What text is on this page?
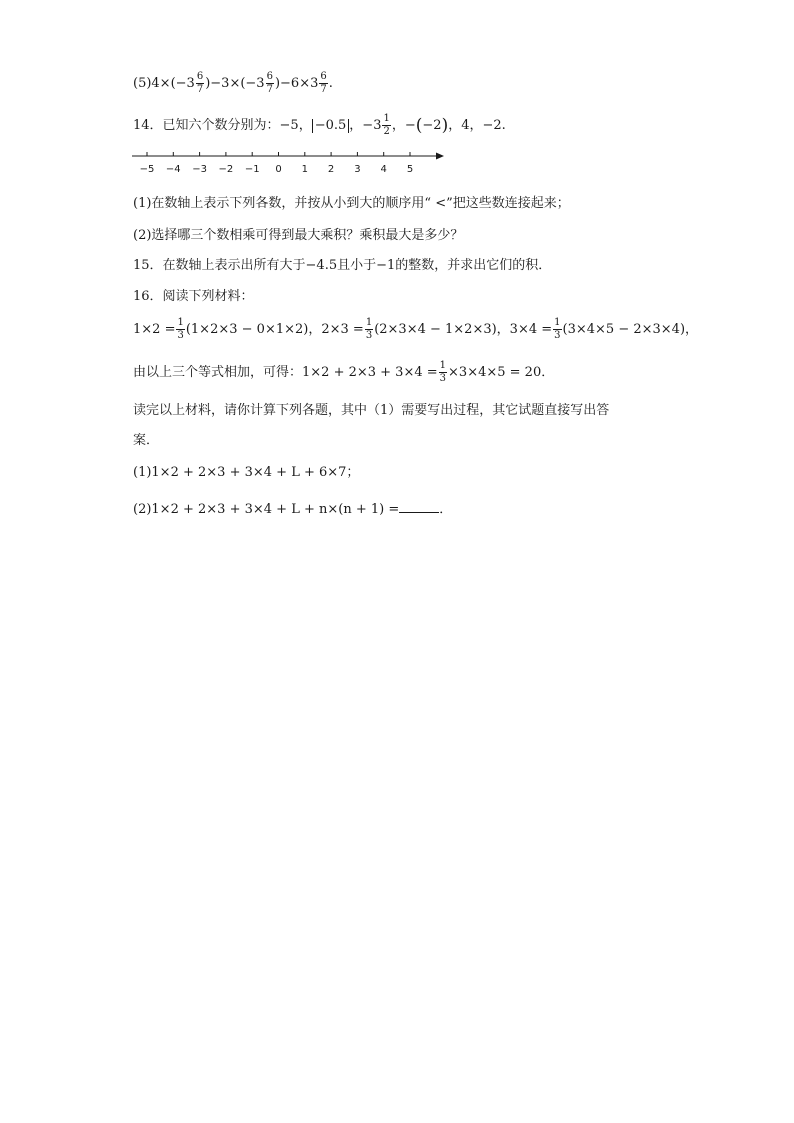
$(5)4\times(-3 \frac{6}{7} )-3\times(-3 \frac{6}{7} )-6\times 3 \frac{6}{7}$ .
14．已知六个数分别为：−5， −0.5 ，$-3 \frac{1}{2}$ ，−(−2)，4，−2.
−5 −4 −3 −2 −1 0 1 2 3 4 5
(1)在数轴上表示下列各数，并按从小到大的顺序用“ <”把这些数连接起来；
(2)选择哪三个数相乘可得到最大乘积？乘积最大是多少？
15．在数轴上表示出所有大于−4.5且小于−1的整数，并求出它们的积．
16．阅读下列材料：
$1\times 2 = \frac{1}{3} (1\times 2\times 3 - 0\times 1\times 2)$，$2\times 3 = \frac{1}{3} (2\times 3\times 4 - 1\times 2\times 3)$，$3\times 4 = \frac{1}{3} (3\times 4\times 5 - 2\times 3\times 4)$，
由以上三个等式相加，可得：$1\times 2 + 2\times 3 + 3\times 4 = \frac{1}{3} \times 3\times 4\times 5 = 20$．
读完以上材料，请你计算下列各题，其中（1）需要写出过程，其它试题直接写出答
案．
(1)1×2 + 2×3 + 3×4 + L + 6×7；
(2)1×2 + 2×3 + 3×4 + L + n×(n + 1) =	．
